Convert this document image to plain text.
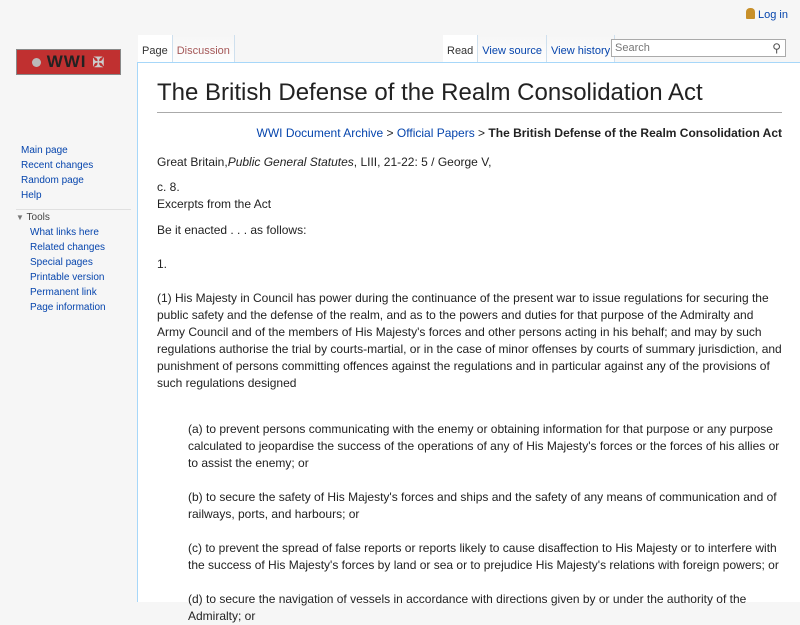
Log in
WWI ✠
Page Discussion	Read View source View history Search	⚲
Main page
Recent changes
Random page
Help
▼ Tools
What links here
Related changes
Special pages
Printable version
Permanent link
Page information
The British Defense of the Realm Consolidation Act
WWI Document Archive > Official Papers > The British Defense of the Realm Consolidation Act

Great Britain,Public General Statutes, LIII, 21-22: 5 / George V,

c. 8.

Excerpts from the Act

Be it enacted . . . as follows:

1.

(1) His Majesty in Council has power during the continuance of the present war to issue regulations for securing the public safety and the defense of the realm, and as to the powers and duties for that purpose of the Admiralty and Army Council and of the members of His Majesty's forces and other persons acting in his behalf; and may by such regulations authorise the trial by courts-martial, or in the case of minor offenses by courts of summary jurisdiction, and punishment of persons committing offences against the regulations and in particular against any of the provisions of such regulations designed

(a) to prevent persons communicating with the enemy or obtaining information for that purpose or any purpose calculated to jeopardise the success of the operations of any of His Majesty's forces or the forces of his allies or to assist the enemy; or

(b) to secure the safety of His Majesty's forces and ships and the safety of any means of communication and of railways, ports, and harbours; or

(c) to prevent the spread of false reports or reports likely to cause disaffection to His Majesty or to interfere with the success of His Majesty's forces by land or sea or to prejudice His Majesty's relations with foreign powers; or

(d) to secure the navigation of vessels in accordance with directions given by or under the authority of the Admiralty; or
